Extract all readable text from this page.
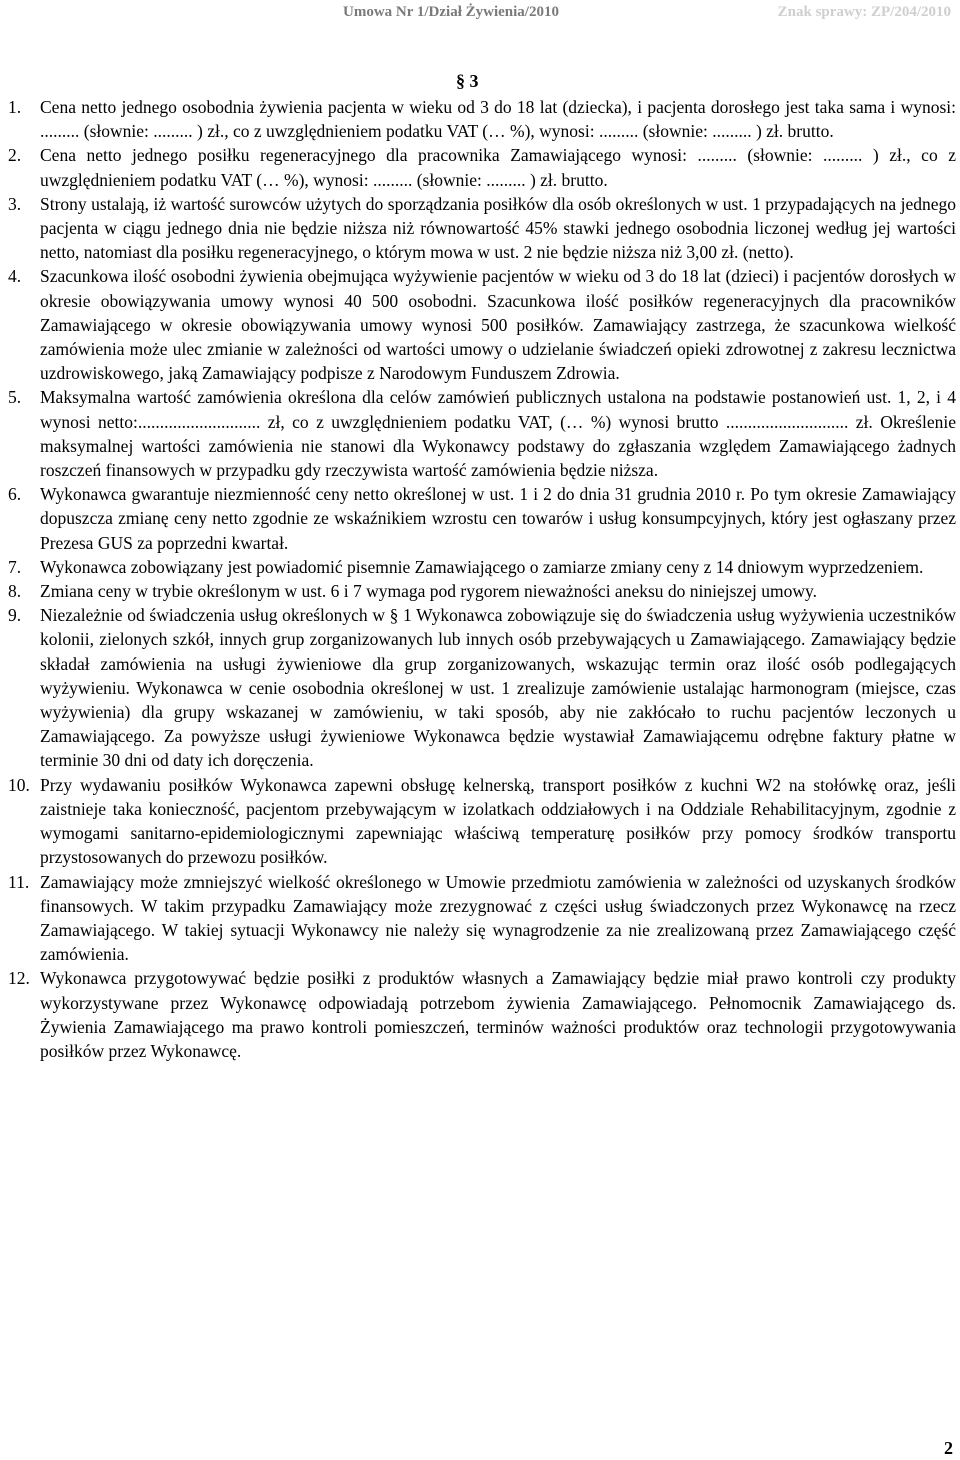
Umowa Nr 1/Dział Żywienia/2010	Znak sprawy: ZP/204/2010
§ 3
1.	Cena netto jednego osobodnia żywienia pacjenta w wieku od 3 do 18 lat (dziecka), i pacjenta dorosłego jest taka sama i wynosi: ......... (słownie: ......... ) zł., co z uwzględnieniem podatku VAT (… %), wynosi: ......... (słownie: ......... ) zł. brutto.
2.	Cena netto jednego posiłku regeneracyjnego dla pracownika Zamawiającego wynosi: ......... (słownie: ......... ) zł., co z uwzględnieniem podatku VAT (… %), wynosi: ......... (słownie: ......... ) zł. brutto.
3.	Strony ustalają, iż wartość surowców użytych do sporządzania posiłków dla osób określonych w ust. 1 przypadających na jednego pacjenta w ciągu jednego dnia nie będzie niższa niż równowartość 45% stawki jednego osobodnia liczonej według jej wartości netto, natomiast dla posiłku regeneracyjnego, o którym mowa w ust. 2 nie będzie niższa niż 3,00 zł. (netto).
4.	Szacunkowa ilość osobodni żywienia obejmująca wyżywienie pacjentów w wieku od 3 do 18 lat (dzieci) i pacjentów dorosłych w okresie obowiązywania umowy wynosi 40 500 osobodni. Szacunkowa ilość posiłków regeneracyjnych dla pracowników Zamawiającego w okresie obowiązywania umowy wynosi 500 posiłków. Zamawiający zastrzega, że szacunkowa wielkość zamówienia może ulec zmianie w zależności od wartości umowy o udzielanie świadczeń opieki zdrowotnej z zakresu lecznictwa uzdrowiskowego, jaką Zamawiający podpisze z Narodowym Funduszem Zdrowia.
5.	Maksymalna wartość zamówienia określona dla celów zamówień publicznych ustalona na podstawie postanowień ust. 1, 2, i 4 wynosi netto:............................ zł, co z uwzględnieniem podatku VAT, (… %) wynosi brutto ............................ zł. Określenie maksymalnej wartości zamówienia nie stanowi dla Wykonawcy podstawy do zgłaszania względem Zamawiającego żadnych roszczeń finansowych w przypadku gdy rzeczywista wartość zamówienia będzie niższa.
6.	Wykonawca gwarantuje niezmienność ceny netto określonej w ust. 1 i 2 do dnia 31 grudnia 2010 r. Po tym okresie Zamawiający dopuszcza zmianę ceny netto zgodnie ze wskaźnikiem wzrostu cen towarów i usług konsumpcyjnych, który jest ogłaszany przez Prezesa GUS za poprzedni kwartał.
7.	Wykonawca zobowiązany jest powiadomić pisemnie Zamawiającego o zamiarze zmiany ceny z 14 dniowym wyprzedzeniem.
8.	Zmiana ceny w trybie określonym w ust. 6 i 7 wymaga pod rygorem nieważności aneksu do niniejszej umowy.
9.	Niezależnie od świadczenia usług określonych w § 1 Wykonawca zobowiązuje się do świadczenia usług wyżywienia uczestników kolonii, zielonych szkół, innych grup zorganizowanych lub innych osób przebywających u Zamawiającego. Zamawiający będzie składał zamówienia na usługi żywieniowe dla grup zorganizowanych, wskazując termin oraz ilość osób podlegających wyżywieniu. Wykonawca w cenie osobodnia określonej w ust. 1 zrealizuje zamówienie ustalając harmonogram (miejsce, czas wyżywienia) dla grupy wskazanej w zamówieniu, w taki sposób, aby nie zakłócało to ruchu pacjentów leczonych u Zamawiającego. Za powyższe usługi żywieniowe Wykonawca będzie wystawiał Zamawiającemu odrębne faktury płatne w terminie 30 dni od daty ich doręczenia.
10. Przy wydawaniu posiłków Wykonawca zapewni obsługę kelnerską, transport posiłków z kuchni W2 na stołówkę oraz, jeśli zaistnieje taka konieczność, pacjentom przebywającym w izolatkach oddziałowych i na Oddziale Rehabilitacyjnym, zgodnie z wymogami sanitarno-epidemiologicznymi zapewniając właściwą temperaturę posiłków przy pomocy środków transportu przystosowanych do przewozu posiłków.
11. Zamawiający może zmniejszyć wielkość określonego w Umowie przedmiotu zamówienia w zależności od uzyskanych środków finansowych. W takim przypadku Zamawiający może zrezygnować z części usług świadczonych przez Wykonawcę na rzecz Zamawiającego. W takiej sytuacji Wykonawcy nie należy się wynagrodzenie za nie zrealizowaną przez Zamawiającego część zamówienia.
12. Wykonawca przygotowywać będzie posiłki z produktów własnych a Zamawiający będzie miał prawo kontroli czy produkty wykorzystywane przez Wykonawcę odpowiadają potrzebom żywienia Zamawiającego. Pełnomocnik Zamawiającego ds. Żywienia Zamawiającego ma prawo kontroli pomieszczeń, terminów ważności produktów oraz technologii przygotowywania posiłków przez Wykonawcę.
2
